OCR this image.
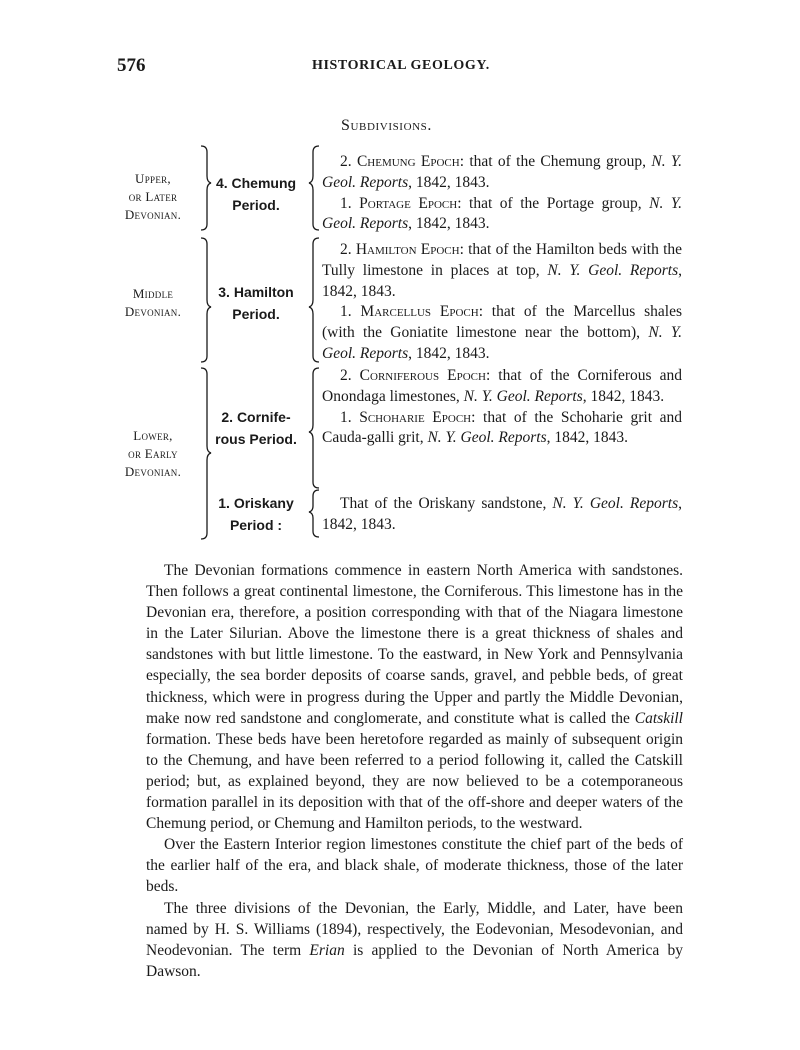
576	HISTORICAL GEOLOGY.
Subdivisions.
Upper,
or Later
Devonian.
4. Chemung
Period.

2. Chemung Epoch: that of the Chemung group, N. Y. Geol. Reports, 1842, 1843.

1. Portage Epoch: that of the Portage group, N. Y. Geol. Reports, 1842, 1843.

Middle
Devonian.
3. Hamilton
Period.

2. Hamilton Epoch: that of the Hamilton beds with the Tully limestone in places at top, N. Y. Geol. Reports, 1842, 1843.

1. Marcellus Epoch: that of the Marcellus shales (with the Goniatite limestone near the bottom), N. Y. Geol. Reports, 1842, 1843.

Lower,
or Early
Devonian.
2. Cornife-
rous Period.
1. Oriskany
Period :

2. Corniferous Epoch: that of the Corniferous and Onondaga limestones, N. Y. Geol. Reports, 1842, 1843.

1. Schoharie Epoch: that of the Schoharie grit and Cauda-galli grit, N. Y. Geol. Reports, 1842, 1843.

That of the Oriskany sandstone, N. Y. Geol. Reports, 1842, 1843.

The Devonian formations commence in eastern North America with sandstones. Then follows a great continental limestone, the Corniferous. This limestone has in the Devonian era, therefore, a position corresponding with that of the Niagara limestone in the Later Silurian. Above the limestone there is a great thickness of shales and sandstones with but little limestone. To the eastward, in New York and Pennsylvania especially, the sea border deposits of coarse sands, gravel, and pebble beds, of great thickness, which were in progress during the Upper and partly the Middle Devonian, make now red sandstone and conglomerate, and constitute what is called the Catskill formation. These beds have been heretofore regarded as mainly of subsequent origin to the Chemung, and have been referred to a period following it, called the Catskill period; but, as explained beyond, they are now believed to be a cotemporaneous formation parallel in its deposition with that of the off-shore and deeper waters of the Chemung period, or Chemung and Hamilton periods, to the westward.

Over the Eastern Interior region limestones constitute the chief part of the beds of the earlier half of the era, and black shale, of moderate thickness, those of the later beds.

The three divisions of the Devonian, the Early, Middle, and Later, have been named by H. S. Williams (1894), respectively, the Eodevonian, Mesodevonian, and Neodevonian. The term Erian is applied to the Devonian of North America by Dawson.
